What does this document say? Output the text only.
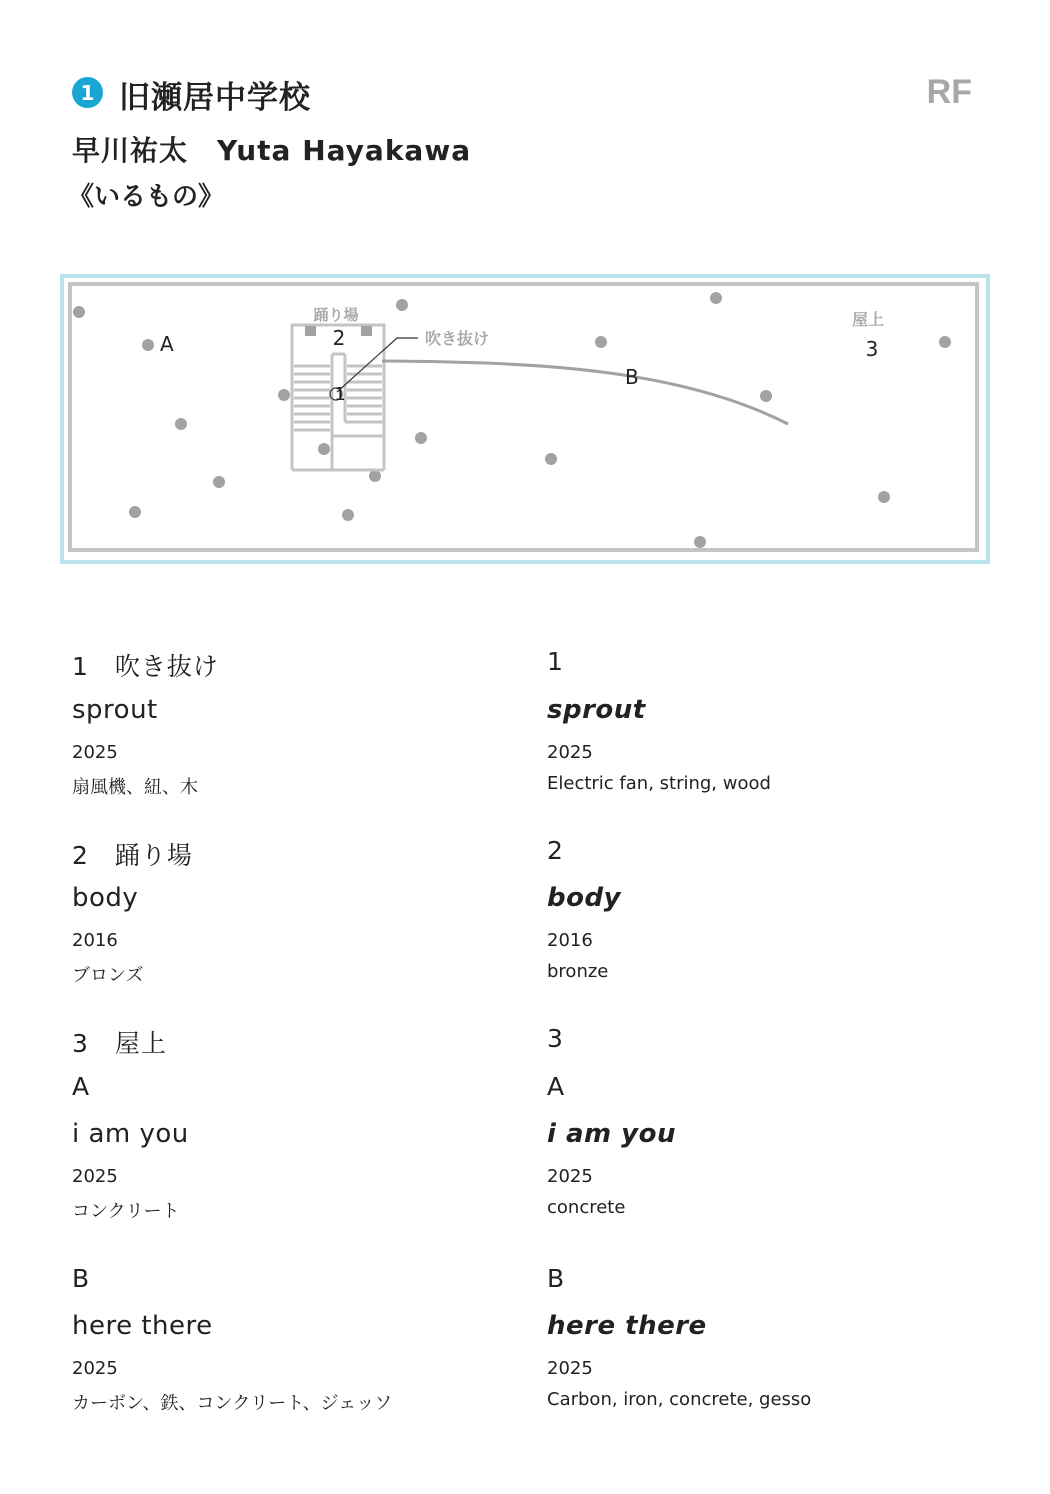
1 旧瀬居中学校	RF
早川祐太　Yuta Hayakawa
《いるもの》
踊り場
吹き抜け
屋上
2
1
3
A
B
1　吹き抜け
sprout
2025
扇風機、紐、木
2　踊り場
body
2016
ブロンズ
3　屋上
A
i am you
2025
コンクリート
B
here there
2025
カーボン、鉄、コンクリート、ジェッソ
1
sprout
2025
Electric fan, string, wood
2
body
2016
bronze
3
A
i am you
2025
concrete
B
here there
2025
Carbon, iron, concrete, gesso
